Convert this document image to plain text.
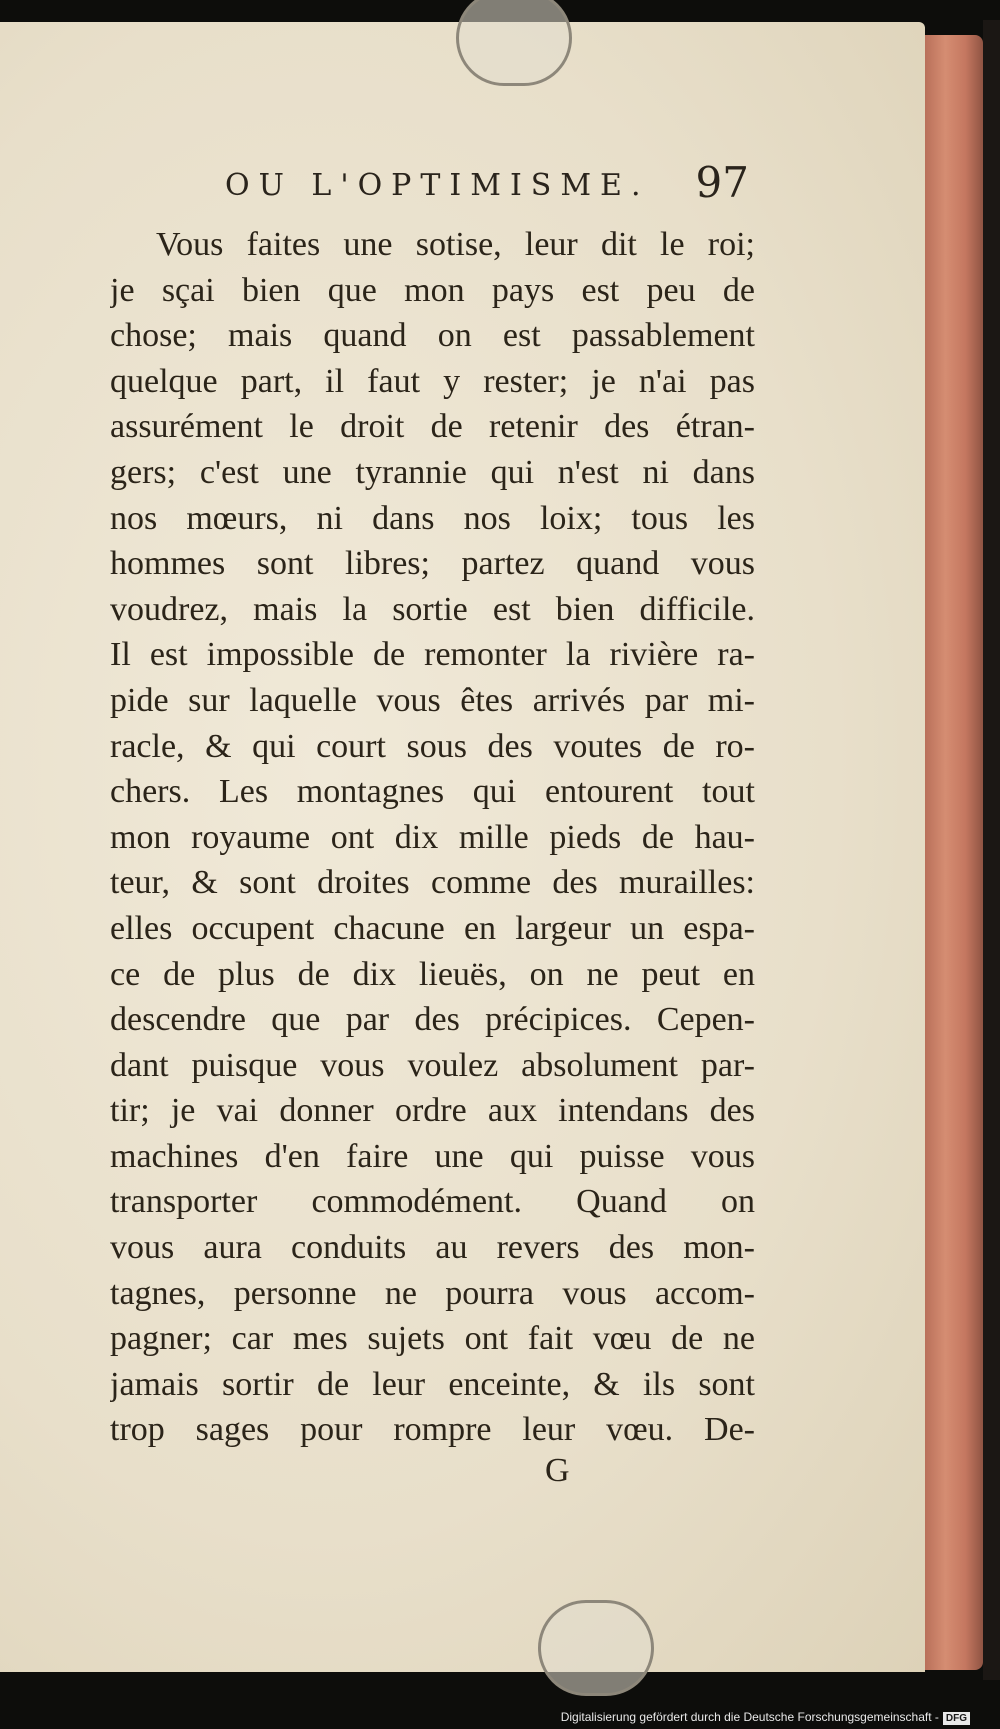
OU L'OPTIMISME. 97
Vous faites une sotise, leur dit le roi;
je sçai bien que mon pays est peu de
chose; mais quand on est passablement
quelque part, il faut y rester; je n'ai pas
assurément le droit de retenir des étran-
gers; c'est une tyrannie qui n'est ni dans
nos mœurs, ni dans nos loix; tous les
hommes sont libres; partez quand vous
voudrez, mais la sortie est bien difficile.
Il est impossible de remonter la rivière ra-
pide sur laquelle vous êtes arrivés par mi-
racle, & qui court sous des voutes de ro-
chers. Les montagnes qui entourent tout
mon royaume ont dix mille pieds de hau-
teur, & sont droites comme des murailles:
elles occupent chacune en largeur un espa-
ce de plus de dix lieuës, on ne peut en
descendre que par des précipices. Cepen-
dant puisque vous voulez absolument par-
tir; je vai donner ordre aux intendans des
machines d'en faire une qui puisse vous
transporter commodément. Quand on
vous aura conduits au revers des mon-
tagnes, personne ne pourra vous accom-
pagner; car mes sujets ont fait vœu de ne
jamais sortir de leur enceinte, & ils sont
trop sages pour rompre leur vœu. De-
G
Digitalisierung gefördert durch die Deutsche Forschungsgemeinschaft - DFG
